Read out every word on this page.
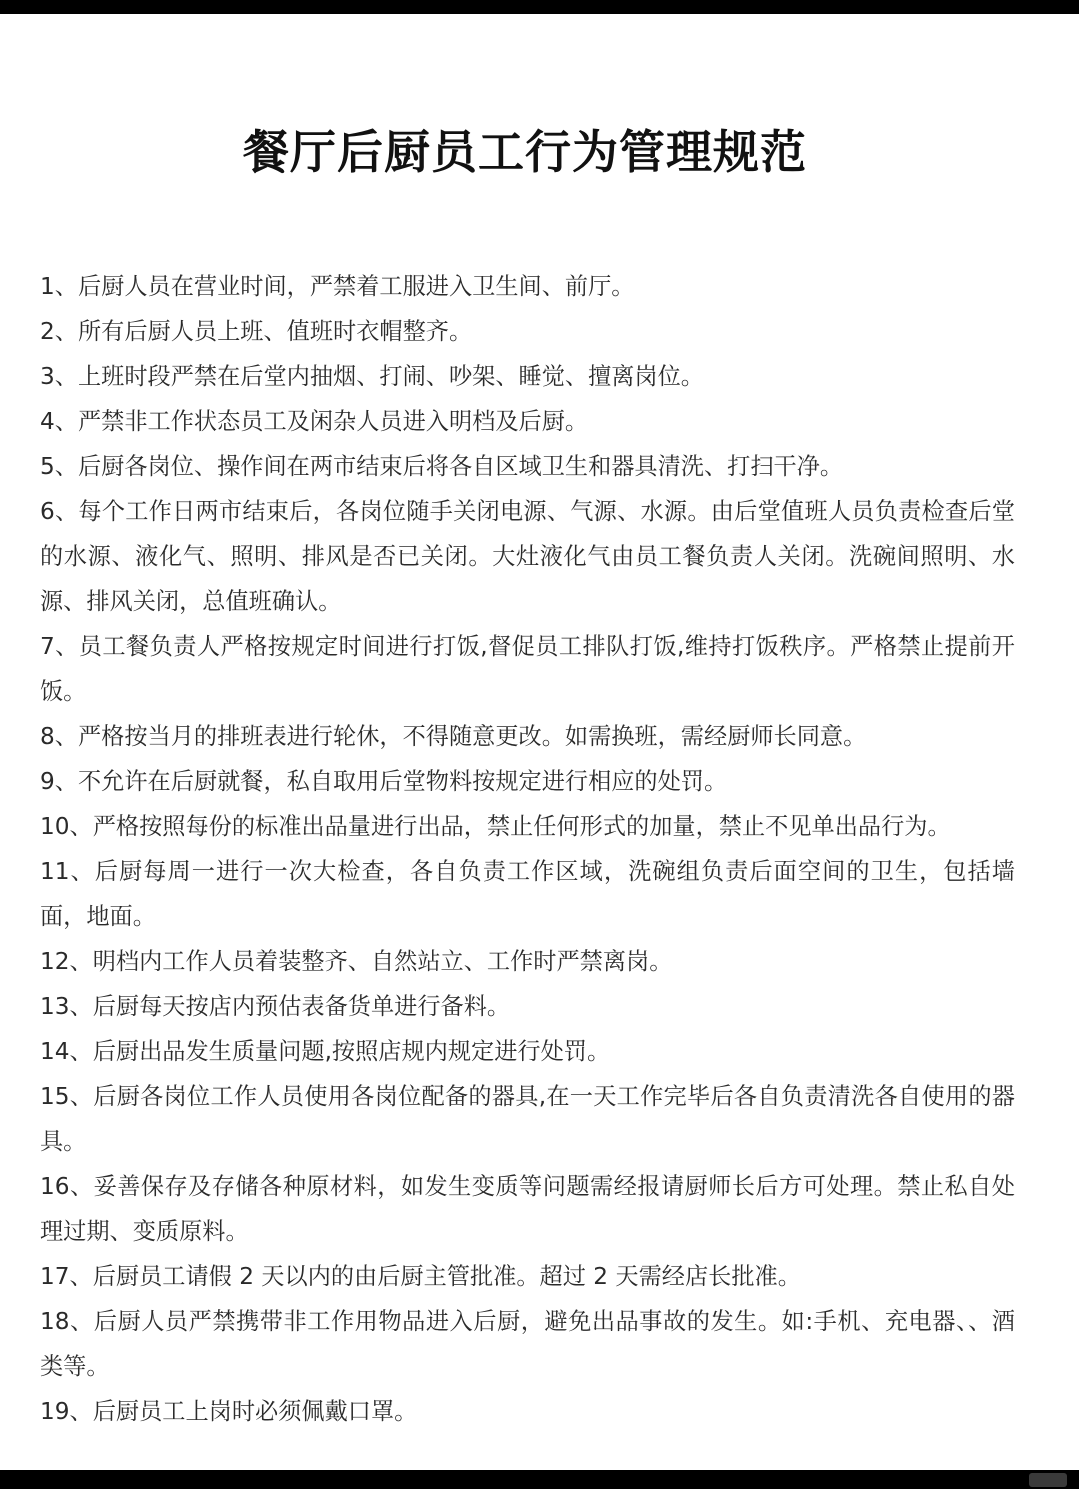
餐厅后厨员工行为管理规范
1、后厨人员在营业时间，严禁着工服进入卫生间、前厅。
2、所有后厨人员上班、值班时衣帽整齐。
3、上班时段严禁在后堂内抽烟、打闹、吵架、睡觉、擅离岗位。
4、严禁非工作状态员工及闲杂人员进入明档及后厨。
5、后厨各岗位、操作间在两市结束后将各自区域卫生和器具清洗、打扫干净。
6、每个工作日两市结束后，各岗位随手关闭电源、气源、水源。由后堂值班人员负责检查后堂的水源、液化气、照明、排风是否已关闭。大灶液化气由员工餐负责人关闭。洗碗间照明、水源、排风关闭，总值班确认。
7、员工餐负责人严格按规定时间进行打饭,督促员工排队打饭,维持打饭秩序。严格禁止提前开饭。
8、严格按当月的排班表进行轮休，不得随意更改。如需换班，需经厨师长同意。
9、不允许在后厨就餐，私自取用后堂物料按规定进行相应的处罚。
10、严格按照每份的标准出品量进行出品，禁止任何形式的加量，禁止不见单出品行为。
11、后厨每周一进行一次大检查，各自负责工作区域，洗碗组负责后面空间的卫生，包括墙面，地面。
12、明档内工作人员着装整齐、自然站立、工作时严禁离岗。
13、后厨每天按店内预估表备货单进行备料。
14、后厨出品发生质量问题,按照店规内规定进行处罚。
15、后厨各岗位工作人员使用各岗位配备的器具,在一天工作完毕后各自负责清洗各自使用的器具。
16、妥善保存及存储各种原材料，如发生变质等问题需经报请厨师长后方可处理。禁止私自处理过期、变质原料。
17、后厨员工请假 2 天以内的由后厨主管批准。超过 2 天需经店长批准。
18、后厨人员严禁携带非工作用物品进入后厨，避免出品事故的发生。如:手机、充电器、、酒类等。
19、后厨员工上岗时必须佩戴口罩。
